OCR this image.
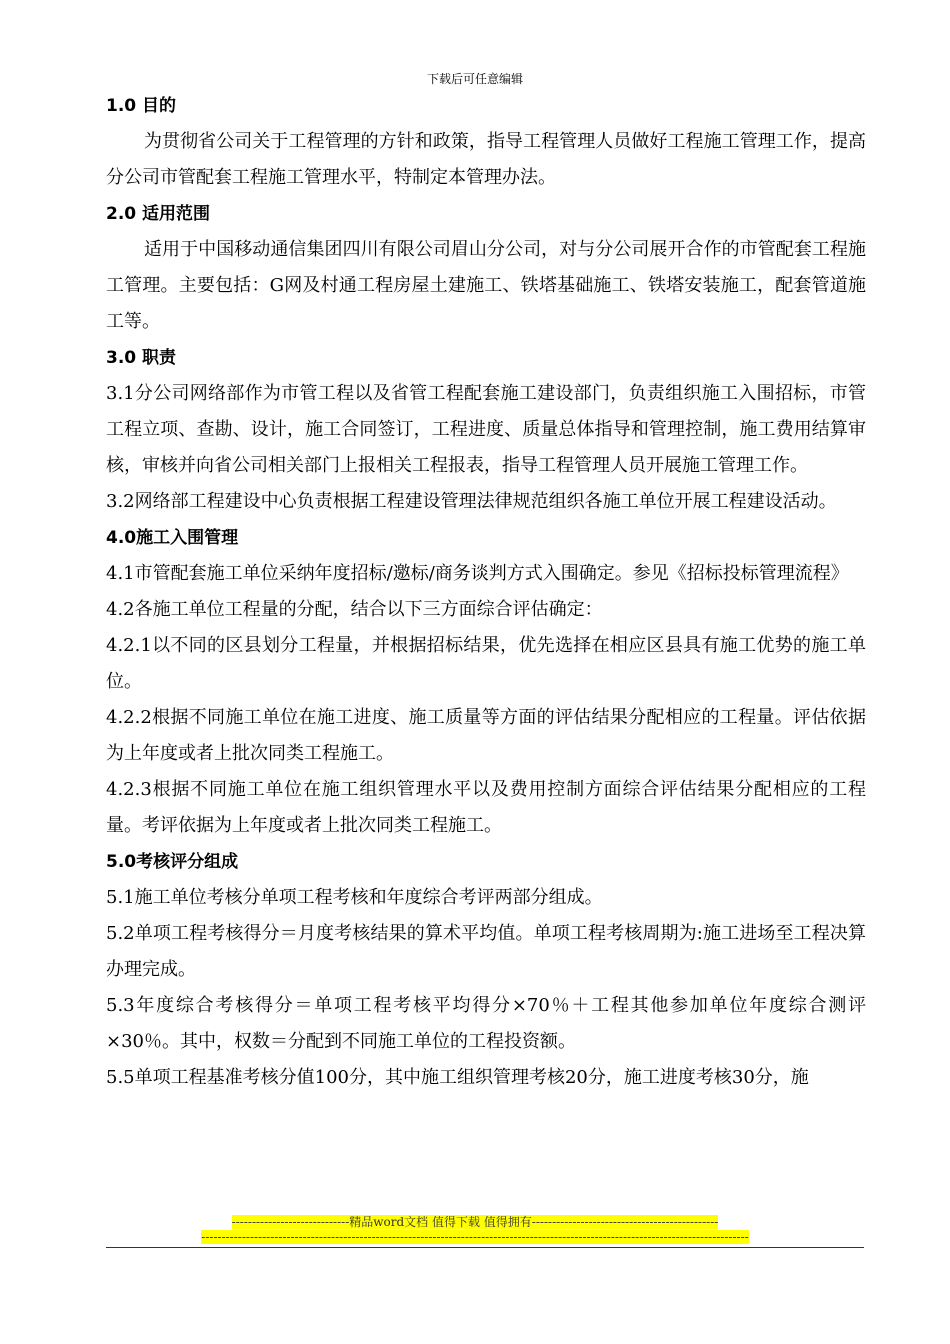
下载后可任意编辑
1.0 目的

为贯彻省公司关于工程管理的方针和政策，指导工程管理人员做好工程施工管理工作，提高分公司市管配套工程施工管理水平，特制定本管理办法。

2.0 适用范围

适用于中国移动通信集团四川有限公司眉山分公司，对与分公司展开合作的市管配套工程施工管理。主要包括：G网及村通工程房屋土建施工、铁塔基础施工、铁塔安装施工，配套管道施工等。

3.0 职责

3.1分公司网络部作为市管工程以及省管工程配套施工建设部门，负责组织施工入围招标，市管工程立项、查勘、设计，施工合同签订，工程进度、质量总体指导和管理控制，施工费用结算审核，审核并向省公司相关部门上报相关工程报表，指导工程管理人员开展施工管理工作。

3.2网络部工程建设中心负责根据工程建设管理法律规范组织各施工单位开展工程建设活动。

4.0施工入围管理

4.1市管配套施工单位采纳年度招标/邀标/商务谈判方式入围确定。参见《招标投标管理流程》

4.2各施工单位工程量的分配，结合以下三方面综合评估确定：

4.2.1以不同的区县划分工程量，并根据招标结果，优先选择在相应区县具有施工优势的施工单位。

4.2.2根据不同施工单位在施工进度、施工质量等方面的评估结果分配相应的工程量。评估依据为上年度或者上批次同类工程施工。

4.2.3根据不同施工单位在施工组织管理水平以及费用控制方面综合评估结果分配相应的工程量。考评依据为上年度或者上批次同类工程施工。

5.0考核评分组成

5.1施工单位考核分单项工程考核和年度综合考评两部分组成。

5.2单项工程考核得分＝月度考核结果的算术平均值。单项工程考核周期为:施工进场至工程决算办理完成。

5.3年度综合考核得分＝单项工程考核平均得分×70％＋工程其他参加单位年度综合测评×30％。其中，权数＝分配到不同施工单位的工程投资额。

5.5单项工程基准考核分值100分，其中施工组织管理考核20分，施工进度考核30分，施

-----------------------------精品word文档 值得下载 值得拥有----------------------------------------------
---------------------------------------------------------------------------------------------------------------------------------------
